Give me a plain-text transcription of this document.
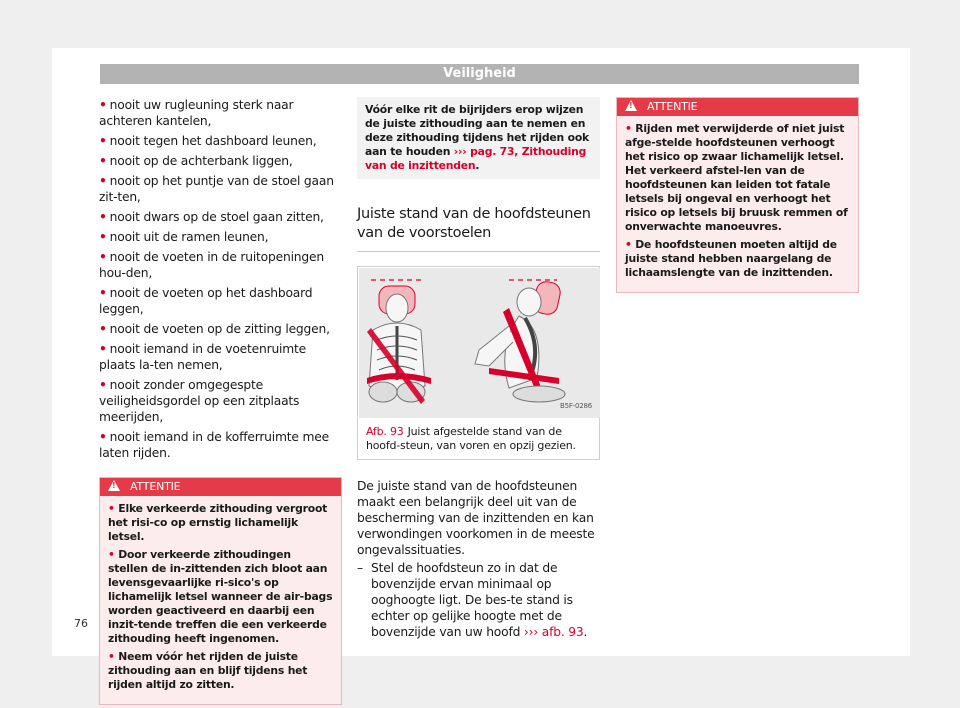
Veiligheid
• nooit uw rugleuning sterk naar achteren kantelen,
• nooit tegen het dashboard leunen,
• nooit op de achterbank liggen,
• nooit op het puntje van de stoel gaan zit-ten,
• nooit dwars op de stoel gaan zitten,
• nooit uit de ramen leunen,
• nooit de voeten in de ruitopeningen hou-den,
• nooit de voeten op het dashboard leggen,
• nooit de voeten op de zitting leggen,
• nooit iemand in de voetenruimte plaats la-ten nemen,
• nooit zonder omgegespte veiligheidsgordel op een zitplaats meerijden,
• nooit iemand in de kofferruimte mee laten rijden.
!ATTENTIE

• Elke verkeerde zithouding vergroot het risi-co op ernstig lichamelijk letsel.

• Door verkeerde zithoudingen stellen de in-zittenden zich bloot aan levensgevaarlijke ri-sico's op lichamelijk letsel wanneer de air-bags worden geactiveerd en daarbij een inzit-tende treffen die een verkeerde zithouding heeft ingenomen.

• Neem vóór het rijden de juiste zithouding aan en blijf tijdens het rijden altijd zo zitten.

Vóór elke rit de bijrijders erop wijzen de juiste zithouding aan te nemen en deze zithouding tijdens het rijden ook aan te houden ››› pag. 73, Zithouding van de inzittenden.
Juiste stand van de hoofdsteunen van de voorstoelen
B5F-0286
Afb. 93 Juist afgestelde stand van de hoofd-steun, van voren en opzij gezien.
De juiste stand van de hoofdsteunen maakt een belangrijk deel uit van de bescherming van de inzittenden en kan verwondingen voorkomen in de meeste ongevalssituaties.
– Stel de hoofdsteun zo in dat de bovenzijde ervan minimaal op ooghoogte ligt. De bes-te stand is echter op gelijke hoogte met de bovenzijde van uw hoofd ››› afb. 93.
!ATTENTIE

• Rijden met verwijderde of niet juist afge-stelde hoofdsteunen verhoogt het risico op zwaar lichamelijk letsel. Het verkeerd afstel-len van de hoofdsteunen kan leiden tot fatale letsels bij ongeval en verhoogt het risico op letsels bij bruusk remmen of onverwachte manoeuvres.

• De hoofdsteunen moeten altijd de juiste stand hebben naargelang de lichaamslengte van de inzittenden.

76
